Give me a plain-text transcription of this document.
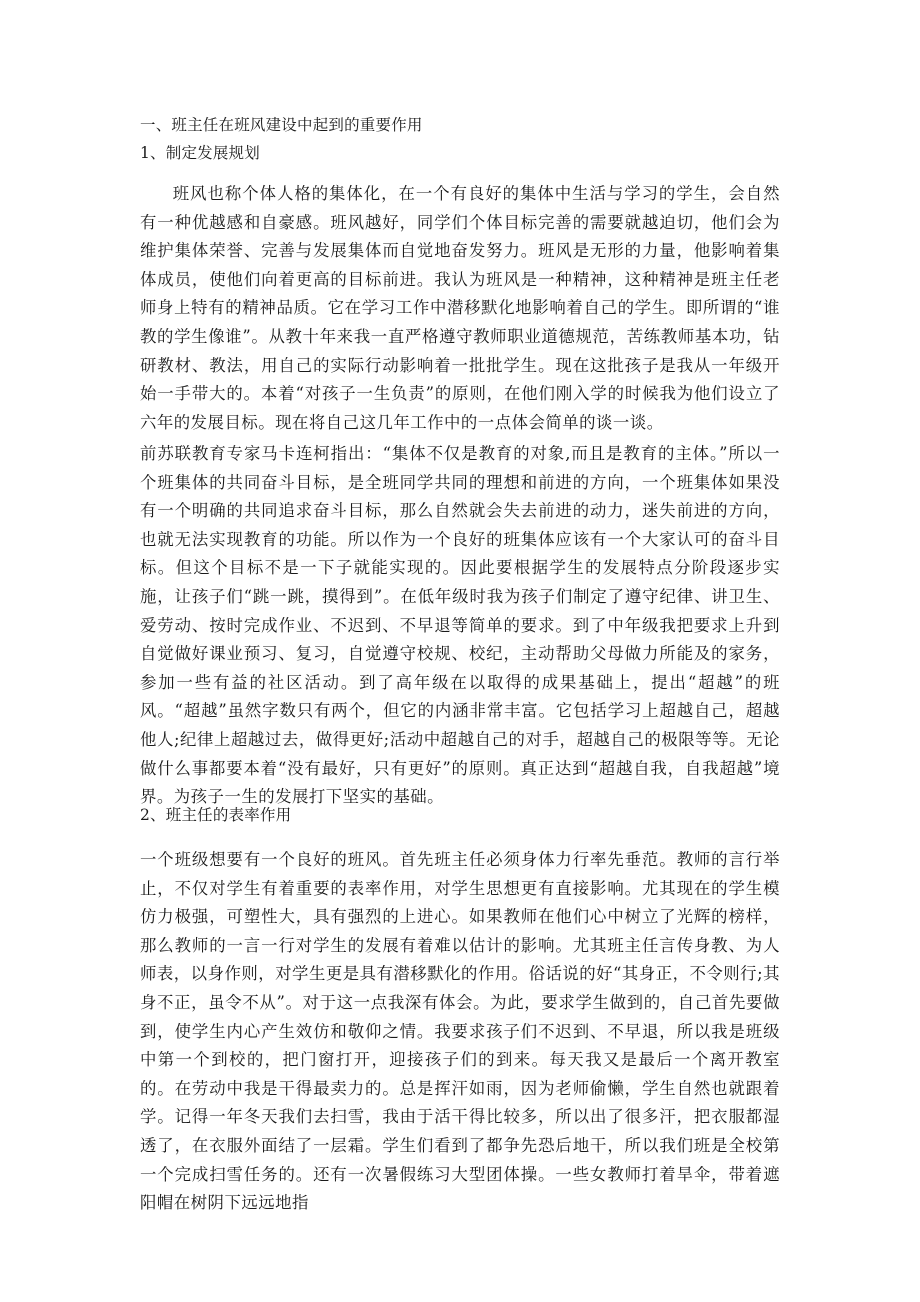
一、班主任在班风建设中起到的重要作用
1、制定发展规划

班风也称个体人格的集体化，在一个有良好的集体中生活与学习的学生，会自然有一种优越感和自豪感。班风越好，同学们个体目标完善的需要就越迫切，他们会为维护集体荣誉、完善与发展集体而自觉地奋发努力。班风是无形的力量，他影响着集体成员，使他们向着更高的目标前进。我认为班风是一种精神，这种精神是班主任老师身上特有的精神品质。它在学习工作中潜移默化地影响着自己的学生。即所谓的“谁教的学生像谁”。从教十年来我一直严格遵守教师职业道德规范，苦练教师基本功，钻研教材、教法，用自己的实际行动影响着一批批学生。现在这批孩子是我从一年级开始一手带大的。本着“对孩子一生负责”的原则，在他们刚入学的时候我为他们设立了六年的发展目标。现在将自己这几年工作中的一点体会简单的谈一谈。

前苏联教育专家马卡连柯指出：“集体不仅是教育的对象,而且是教育的主体。”所以一个班集体的共同奋斗目标，是全班同学共同的理想和前进的方向，一个班集体如果没有一个明确的共同追求奋斗目标，那么自然就会失去前进的动力，迷失前进的方向，也就无法实现教育的功能。所以作为一个良好的班集体应该有一个大家认可的奋斗目标。但这个目标不是一下子就能实现的。因此要根据学生的发展特点分阶段逐步实施，让孩子们“跳一跳，摸得到”。在低年级时我为孩子们制定了遵守纪律、讲卫生、爱劳动、按时完成作业、不迟到、不早退等简单的要求。到了中年级我把要求上升到自觉做好课业预习、复习，自觉遵守校规、校纪，主动帮助父母做力所能及的家务，参加一些有益的社区活动。到了高年级在以取得的成果基础上，提出“超越”的班风。“超越”虽然字数只有两个，但它的内涵非常丰富。它包括学习上超越自己，超越他人;纪律上超越过去，做得更好;活动中超越自己的对手，超越自己的极限等等。无论做什么事都要本着“没有最好，只有更好”的原则。真正达到“超越自我，自我超越”境界。为孩子一生的发展打下坚实的基础。

2、班主任的表率作用

一个班级想要有一个良好的班风。首先班主任必须身体力行率先垂范。教师的言行举止，不仅对学生有着重要的表率作用，对学生思想更有直接影响。尤其现在的学生模仿力极强，可塑性大，具有强烈的上进心。如果教师在他们心中树立了光辉的榜样，那么教师的一言一行对学生的发展有着难以估计的影响。尤其班主任言传身教、为人师表，以身作则，对学生更是具有潜移默化的作用。俗话说的好“其身正，不令则行;其身不正，虽令不从”。对于这一点我深有体会。为此，要求学生做到的，自己首先要做到，使学生内心产生效仿和敬仰之情。我要求孩子们不迟到、不早退，所以我是班级中第一个到校的，把门窗打开，迎接孩子们的到来。每天我又是最后一个离开教室的。在劳动中我是干得最卖力的。总是挥汗如雨，因为老师偷懒，学生自然也就跟着学。记得一年冬天我们去扫雪，我由于活干得比较多，所以出了很多汗，把衣服都湿透了，在衣服外面结了一层霜。学生们看到了都争先恐后地干，所以我们班是全校第一个完成扫雪任务的。还有一次暑假练习大型团体操。一些女教师打着旱伞，带着遮阳帽在树阴下远远地指
